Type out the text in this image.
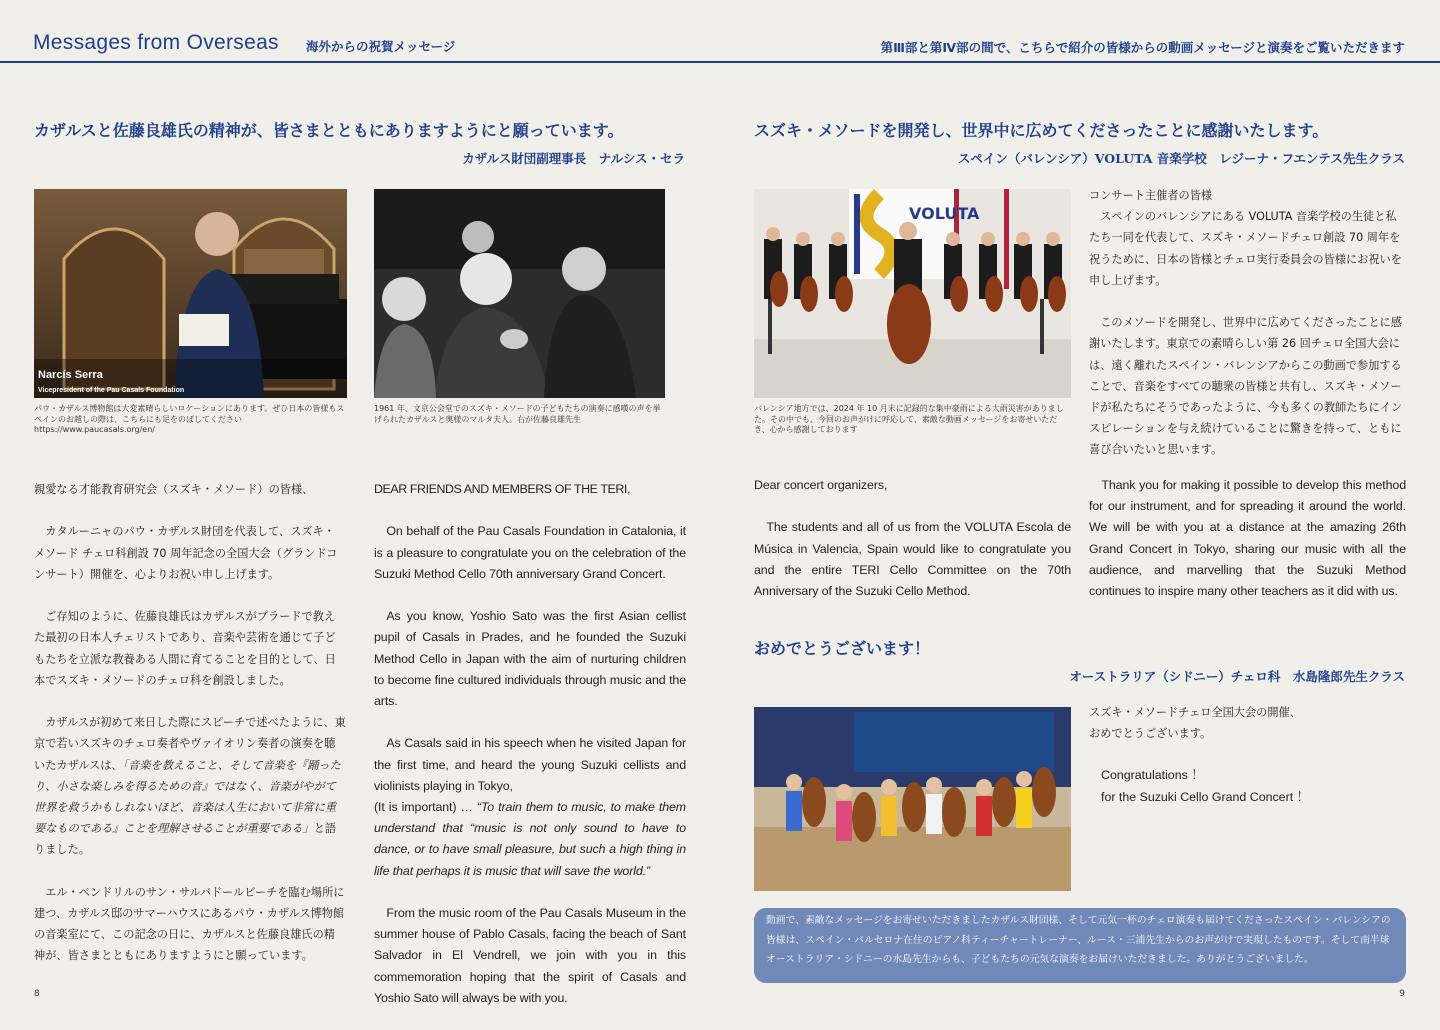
Messages from Overseas 海外からの祝賀メッセージ	第Ⅲ部と第Ⅳ部の間で、こちらで紹介の皆様からの動画メッセージと演奏をご覧いただきます
カザルスと佐藤良雄氏の精神が、皆さまとともにありますようにと願っています。
カザルス財団副理事長　ナルシス・セラ
Narcís Serra
Vicepresident of the Pau Casals Foundation
パウ・カザルス博物館は大変素晴らしいロケーションにあります。ぜひ日本の皆様もスペインのお越しの際は、こちらにも足をのばしてください
https://www.paucasals.org/en/
1961 年、文京公会堂でのスズキ・メソードの子どもたちの演奏に感嘆の声を挙げられたカザルスと奥様のマルタ夫人。右が佐藤良雄先生

親愛なる才能教育研究会（スズキ・メソード）の皆様、

カタルーニャのパウ・カザルス財団を代表して、スズキ・メソード チェロ科創設 70 周年記念の全国大会（グランドコンサート）開催を、心よりお祝い申し上げます。

ご存知のように、佐藤良雄氏はカザルスがプラードで教えた最初の日本人チェリストであり、音楽や芸術を通じて子どもたちを立派な教養ある人間に育てることを目的として、日本でスズキ・メソードのチェロ科を創設しました。

カザルスが初めて来日した際にスピーチで述べたように、東京で若いスズキのチェロ奏者やヴァイオリン奏者の演奏を聴いたカザルスは、「音楽を教えること、そして音楽を『踊ったり、小さな楽しみを得るための音』ではなく、音楽がやがて世界を救うかもしれないほど、音楽は人生において非常に重要なものである』ことを理解させることが重要である」と語りました。

エル・ベンドリルのサン・サルバドールビーチを臨む場所に建つ、カザルス邸のサマーハウスにあるパウ・カザルス博物館の音楽室にて、この記念の日に、カザルスと佐藤良雄氏の精神が、皆さまとともにありますようにと願っています。

DEAR FRIENDS AND MEMBERS OF THE TERI,

On behalf of the Pau Casals Foundation in Catalonia, it is a pleasure to congratulate you on the celebration of the Suzuki Method Cello 70th anniversary Grand Concert.

As you know, Yoshio Sato was the first Asian cellist pupil of Casals in Prades, and he founded the Suzuki Method Cello in Japan with the aim of nurturing children to become fine cultured individuals through music and the arts.

As Casals said in his speech when he visited Japan for the first time, and heard the young Suzuki cellists and violinists playing in Tokyo,
(It is important) … “To train them to music, to make them understand that “music is not only sound to have to dance, or to have small pleasure, but such a high thing in life that perhaps it is music that will save the world.”

From the music room of the Pau Casals Museum in the summer house of Pablo Casals, facing the beach of Sant Salvador in El Vendrell, we join with you in this commemoration hoping that the spirit of Casals and Yoshio Sato will always be with you.

8
スズキ・メソードを開発し、世界中に広めてくださったことに感謝いたします。
スペイン（バレンシア）VOLUTA 音楽学校　レジーナ・フエンテス先生クラス
VOLUTA
バレンシア地方では、2024 年 10 月末に記録的な集中豪雨による大雨災害がありました。その中でも、今回のお声がけに呼応して、素敵な動画メッセージをお寄せいただき、心から感謝しております

コンサート主催者の皆様

スペインのバレンシアにある VOLUTA 音楽学校の生徒と私たち一同を代表して、スズキ・メソードチェロ創設 70 周年を祝うために、日本の皆様とチェロ実行委員会の皆様にお祝いを申し上げます。

このメソードを開発し、世界中に広めてくださったことに感謝いたします。東京での素晴らしい第 26 回チェロ全国大会には、遠く離れたスペイン・バレンシアからこの動画で参加することで、音楽をすべての聴衆の皆様と共有し、スズキ・メソードが私たちにそうであったように、今も多くの教師たちにインスピレーションを与え続けていることに驚きを持って、ともに喜び合いたいと思います。

Dear concert organizers,

The students and all of us from the VOLUTA Escola de Música in Valencia, Spain would like to congratulate you and the entire TERI Cello Committee on the 70th Anniversary of the Suzuki Cello Method.

Thank you for making it possible to develop this method for our instrument, and for spreading it around the world. We will be with you at a distance at the amazing 26th Grand Concert in Tokyo, sharing our music with all the audience, and marvelling that the Suzuki Method continues to inspire many other teachers as it did with us.

おめでとうございます！
オーストラリア（シドニー）チェロ科　水島隆郎先生クラス
スズキ・メソードチェロ全国大会の開催、
おめでとうございます。
Congratulations ！
for the Suzuki Cello Grand Concert ！
動画で、素敵なメッセージをお寄せいただきましたカザルス財団様、そして元気一杯のチェロ演奏も届けてくださったスペイン・バレンシアの皆様は、スペイン・バルセロナ在住のピアノ科ティーチャートレーナー、ルース・三浦先生からのお声がけで実現したものです。そして南半球オーストラリア・シドニーの水島先生からも、子どもたちの元気な演奏をお届けいただきました。ありがとうございました。
9
